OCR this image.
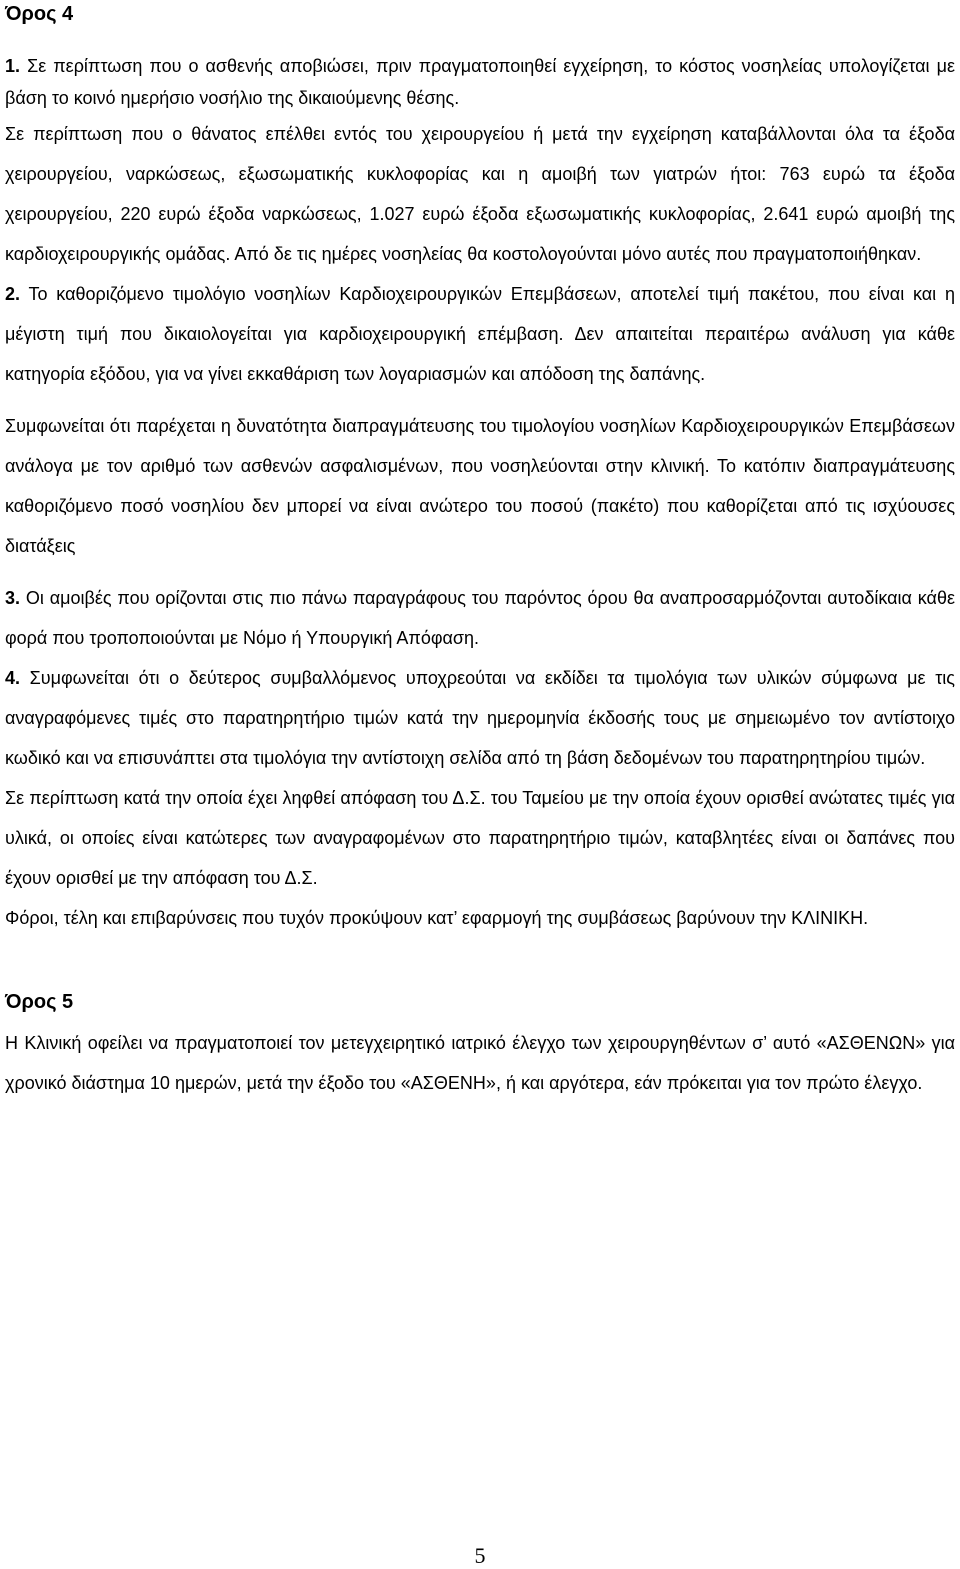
Όρος 4

1. Σε περίπτωση που ο ασθενής αποβιώσει, πριν πραγματοποιηθεί εγχείρηση, το κόστος νοσηλείας υπολογίζεται με βάση το κοινό ημερήσιο νοσήλιο της δικαιούμενης θέσης.

Σε περίπτωση που ο θάνατος επέλθει εντός του χειρουργείου ή μετά την εγχείρηση καταβάλλονται όλα τα έξοδα χειρουργείου, ναρκώσεως, εξωσωματικής κυκλοφορίας και η αμοιβή των γιατρών ήτοι: 763 ευρώ τα έξοδα χειρουργείου, 220 ευρώ έξοδα ναρκώσεως, 1.027 ευρώ έξοδα εξωσωματικής κυκλοφορίας, 2.641 ευρώ αμοιβή της καρδιοχειρουργικής ομάδας. Από δε τις ημέρες νοσηλείας θα κοστολογούνται μόνο αυτές που πραγματοποιήθηκαν.

2. Το καθοριζόμενο τιμολόγιο νοσηλίων Καρδιοχειρουργικών Επεμβάσεων, αποτελεί τιμή πακέτου, που είναι και η μέγιστη τιμή που δικαιολογείται για καρδιοχειρουργική επέμβαση. Δεν απαιτείται περαιτέρω ανάλυση για κάθε κατηγορία εξόδου, για να γίνει εκκαθάριση των λογαριασμών και απόδοση της δαπάνης.

Συμφωνείται ότι παρέχεται η δυνατότητα διαπραγμάτευσης του τιμολογίου νοσηλίων Καρδιοχειρουργικών Επεμβάσεων ανάλογα με τον αριθμό των ασθενών ασφαλισμένων, που νοσηλεύονται στην κλινική. Το κατόπιν διαπραγμάτευσης καθοριζόμενο ποσό νοσηλίου δεν μπορεί να είναι ανώτερο του ποσού (πακέτο) που καθορίζεται από τις ισχύουσες διατάξεις

3. Οι αμοιβές που ορίζονται στις πιο πάνω παραγράφους του παρόντος όρου θα αναπροσαρμόζονται αυτοδίκαια κάθε φορά που τροποποιούνται με Νόμο ή Υπουργική Απόφαση.

4. Συμφωνείται ότι ο δεύτερος συμβαλλόμενος υποχρεούται να εκδίδει τα τιμολόγια των υλικών σύμφωνα με τις αναγραφόμενες τιμές στο παρατηρητήριο τιμών κατά την ημερομηνία έκδοσής τους με σημειωμένο τον αντίστοιχο κωδικό και να επισυνάπτει στα τιμολόγια την αντίστοιχη σελίδα από τη βάση δεδομένων του παρατηρητηρίου τιμών.

Σε περίπτωση κατά την οποία έχει ληφθεί απόφαση του Δ.Σ. του Ταμείου με την οποία έχουν ορισθεί ανώτατες τιμές για υλικά, οι οποίες είναι κατώτερες των αναγραφομένων στο παρατηρητήριο τιμών, καταβλητέες είναι οι δαπάνες που έχουν ορισθεί με την απόφαση του Δ.Σ.

Φόροι, τέλη και επιβαρύνσεις που τυχόν προκύψουν κατ’ εφαρμογή της συμβάσεως βαρύνουν την ΚΛΙΝΙΚΗ.

Όρος 5

Η Κλινική οφείλει να πραγματοποιεί τον μετεγχειρητικό ιατρικό έλεγχο των χειρουργηθέντων σ’ αυτό «ΑΣΘΕΝΩΝ» για χρονικό διάστημα 10 ημερών, μετά την έξοδο του «ΑΣΘΕΝΗ», ή και αργότερα, εάν πρόκειται για τον πρώτο έλεγχο.

5
